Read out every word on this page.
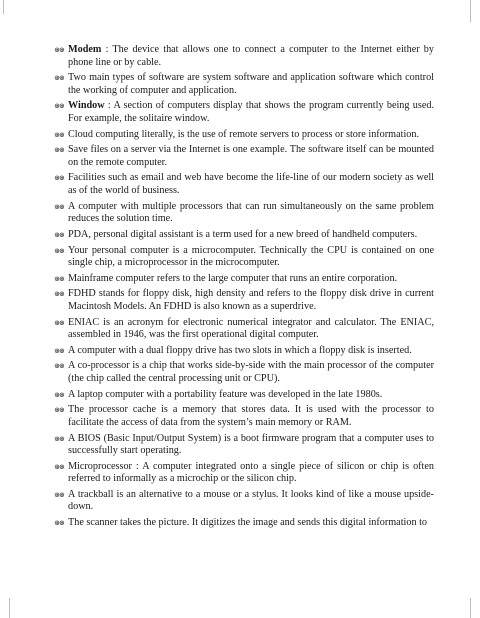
⊛⊛ Modem : The device that allows one to connect a computer to the Internet either by phone line or by cable.
⊛⊛ Two main types of software are system software and application software which control the working of computer and application.
⊛⊛ Window : A section of computers display that shows the program currently being used. For example, the solitaire window.
⊛⊛ Cloud computing literally, is the use of remote servers to process or store information.
⊛⊛ Save files on a server via the Internet is one example. The software itself can be mounted on the remote computer.
⊛⊛ Facilities such as email and web have become the life-line of our modern society as well as of the world of business.
⊛⊛ A computer with multiple processors that can run simultaneously on the same problem reduces the solution time.
⊛⊛ PDA, personal digital assistant is a term used for a new breed of handheld computers.
⊛⊛ Your personal computer is a microcomputer. Technically the CPU is contained on one single chip, a microprocessor in the microcomputer.
⊛⊛ Mainframe computer refers to the large computer that runs an entire corporation.
⊛⊛ FDHD stands for floppy disk, high density and refers to the floppy disk drive in current Macintosh Models. An FDHD is also known as a superdrive.
⊛⊛ ENIAC is an acronym for electronic numerical integrator and calculator. The ENIAC, assembled in 1946, was the first operational digital computer.
⊛⊛ A computer with a dual floppy drive has two slots in which a floppy disk is inserted.
⊛⊛ A co-processor is a chip that works side-by-side with the main processor of the computer (the chip called the central processing unit or CPU).
⊛⊛ A laptop computer with a portability feature was developed in the late 1980s.
⊛⊛ The processor cache is a memory that stores data. It is used with the processor to facilitate the access of data from the system’s main memory or RAM.
⊛⊛ A BIOS (Basic Input/Output System) is a boot firmware program that a computer uses to successfully start operating.
⊛⊛ Microprocessor : A computer integrated onto a single piece of silicon or chip is often referred to informally as a microchip or the silicon chip.
⊛⊛ A trackball is an alternative to a mouse or a stylus. It looks kind of like a mouse upside-down.
⊛⊛ The scanner takes the picture. It digitizes the image and sends this digital information to
